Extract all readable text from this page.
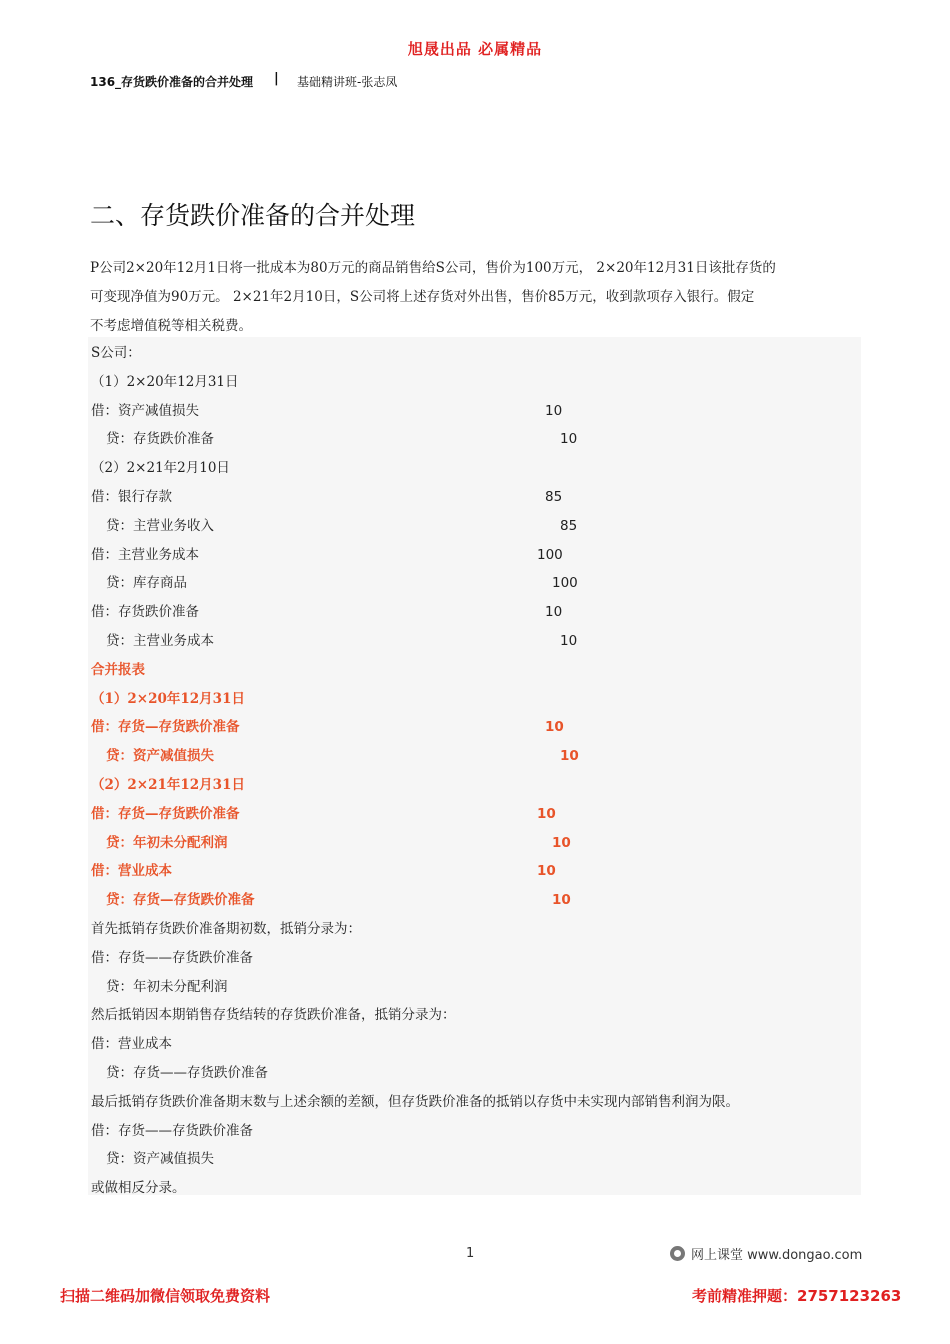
旭晟出品 必属精品
136_存货跌价准备的合并处理 | 基础精讲班-张志凤
二、存货跌价准备的合并处理

P公司2×20年12月1日将一批成本为80万元的商品销售给S公司，售价为100万元， 2×20年12月31日该批存货的

可变现净值为90万元。 2×21年2月10日，S公司将上述存货对外出售，售价85万元，收到款项存入银行。假定

不考虑增值税等相关税费。

S公司：
（1）2×20年12月31日
借：资产减值损失	10
贷：存货跌价准备	10
（2）2×21年2月10日
借：银行存款	85
贷：主营业务收入	85
借：主营业务成本	100
贷：库存商品	100
借：存货跌价准备	10
贷：主营业务成本	10
合并报表
（1）2×20年12月31日
借：存货—存货跌价准备	10
贷：资产减值损失	10
（2）2×21年12月31日
借：存货—存货跌价准备	10
贷：年初未分配利润	10
借：营业成本	10
贷：存货—存货跌价准备	10
首先抵销存货跌价准备期初数，抵销分录为：
借：存货——存货跌价准备
贷：年初未分配利润
然后抵销因本期销售存货结转的存货跌价准备，抵销分录为：
借：营业成本
贷：存货——存货跌价准备
最后抵销存货跌价准备期末数与上述余额的差额，但存货跌价准备的抵销以存货中未实现内部销售利润为限。
借：存货——存货跌价准备
贷：资产减值损失
或做相反分录。
1	网上课堂 www.dongao.com
扫描二维码加微信领取免费资料	考前精准押题：2757123263
